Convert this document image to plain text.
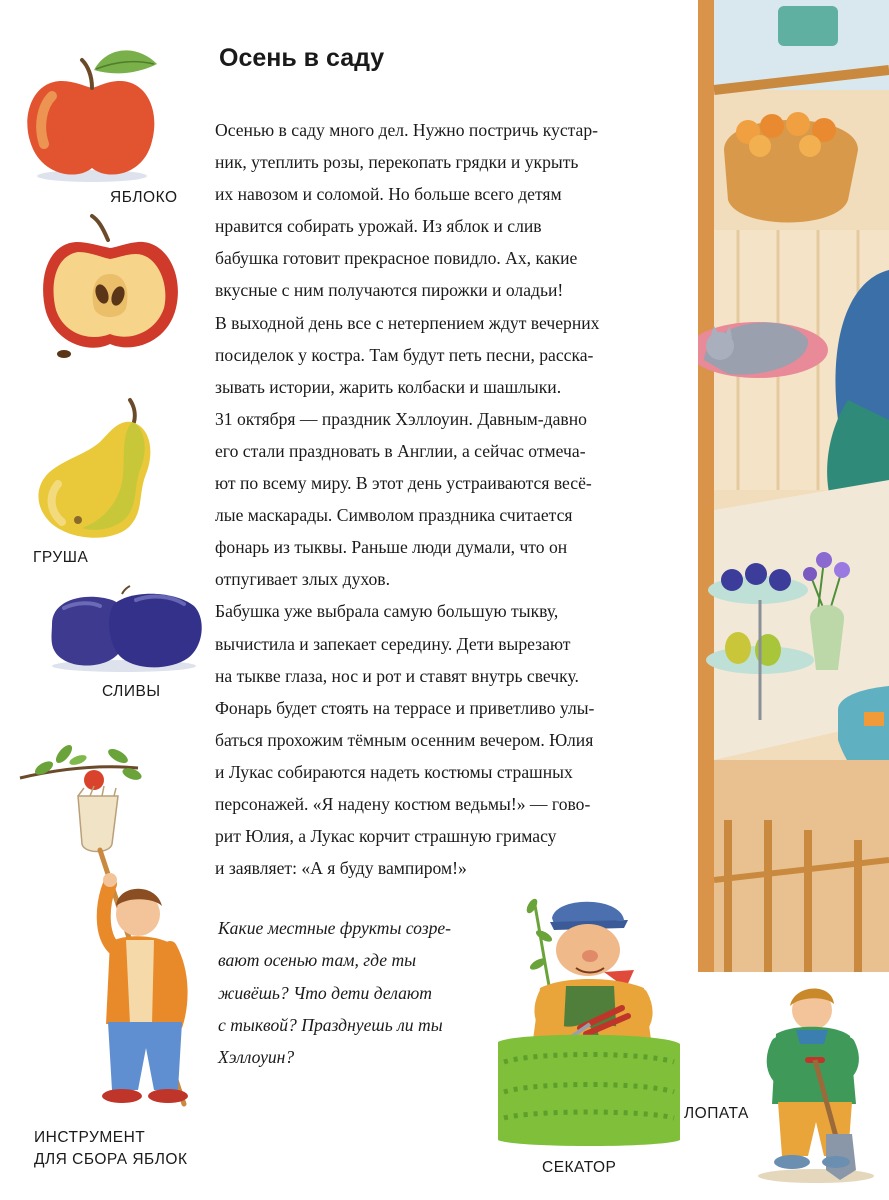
Осень в саду
Осенью в саду много дел. Нужно постричь кустар-
ник, утеплить розы, перекопать грядки и укрыть
их навозом и соломой. Но больше всего детям
нравится собирать урожай. Из яблок и слив
бабушка готовит прекрасное повидло. Ах, какие
вкусные с ним получаются пирожки и оладьи!
В выходной день все с нетерпением ждут вечерних
посиделок у костра. Там будут петь песни, расска-
зывать истории, жарить колбаски и шашлыки.
31 октября — праздник Хэллоуин. Давным-давно
его стали праздновать в Англии, а сейчас отмеча-
ют по всему миру. В этот день устраиваются весё-
лые маскарады. Символом праздника считается
фонарь из тыквы. Раньше люди думали, что он
отпугивает злых духов.
Бабушка уже выбрала самую большую тыкву,
вычистила и запекает середину. Дети вырезают
на тыкве глаза, нос и рот и ставят внутрь свечку.
Фонарь будет стоять на террасе и приветливо улы-
баться прохожим тёмным осенним вечером. Юлия
и Лукас собираются надеть костюмы страшных
персонажей. «Я надену костюм ведьмы!» — гово-
рит Юлия, а Лукас корчит страшную гримасу
и заявляет: «А я буду вампиром!»
Какие местные фрукты созре-
вают осенью там, где ты
живёшь? Что дети делают
с тыквой? Празднуешь ли ты
Хэллоуин?
ЯБЛОКО
ГРУША
СЛИВЫ
ИНСТРУМЕНТ
ДЛЯ СБОРА ЯБЛОК	СЕКАТОР
ЛОПАТА
